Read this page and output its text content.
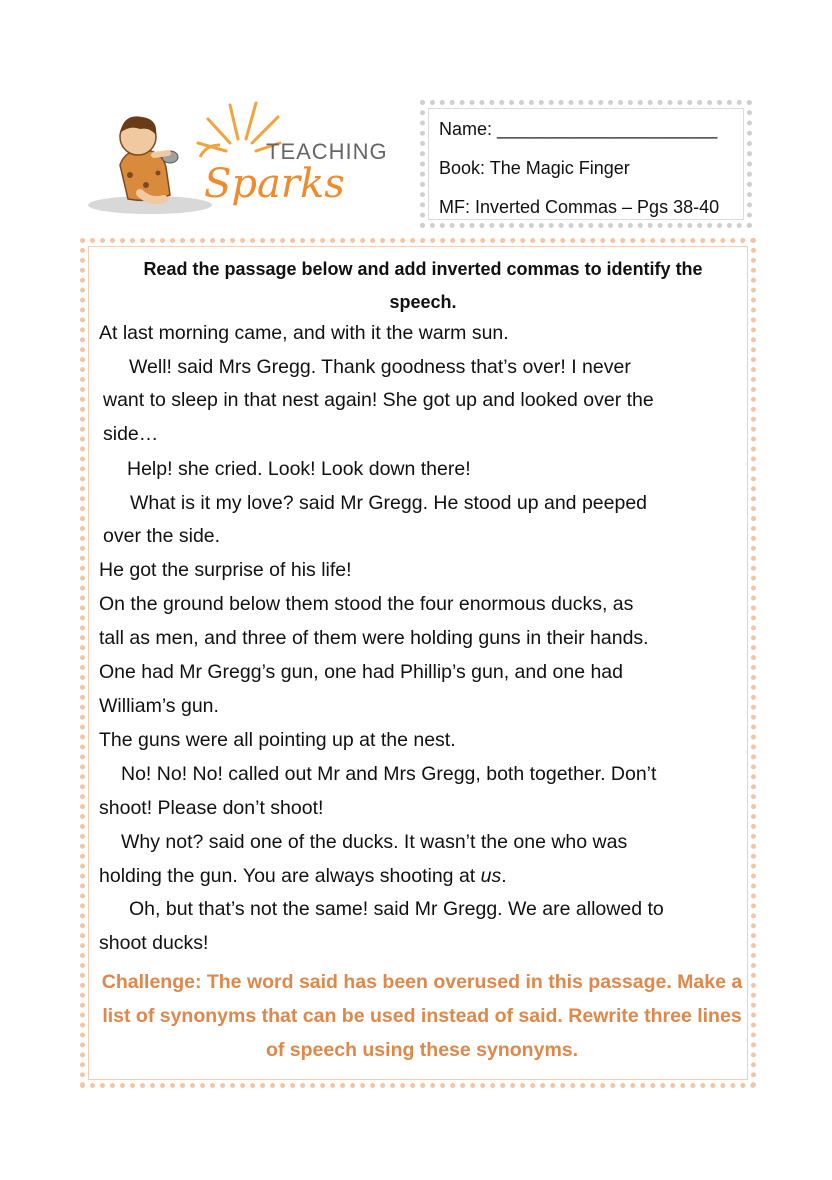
TEACHING
Sparks
Name: ______________________
Book: The Magic Finger
MF: Inverted Commas – Pgs 38-40
Read the passage below and add inverted commas to identify the speech.
At last morning came, and with it the warm sun.
Well! said Mrs Gregg. Thank goodness that’s over! I never
want to sleep in that nest again! She got up and looked over the
side…
Help! she cried. Look! Look down there!
What is it my love? said Mr Gregg. He stood up and peeped
over the side.
He got the surprise of his life!
On the ground below them stood the four enormous ducks, as
tall as men, and three of them were holding guns in their hands.
One had Mr Gregg’s gun, one had Phillip’s gun, and one had
William’s gun.
The guns were all pointing up at the nest.
No! No! No! called out Mr and Mrs Gregg, both together. Don’t
shoot! Please don’t shoot!
Why not? said one of the ducks. It wasn’t the one who was
holding the gun. You are always shooting at us.
Oh, but that’s not the same! said Mr Gregg. We are allowed to
shoot ducks!
Challenge: The word said has been overused in this passage. Make a list of synonyms that can be used instead of said. Rewrite three lines of speech using these synonyms.
